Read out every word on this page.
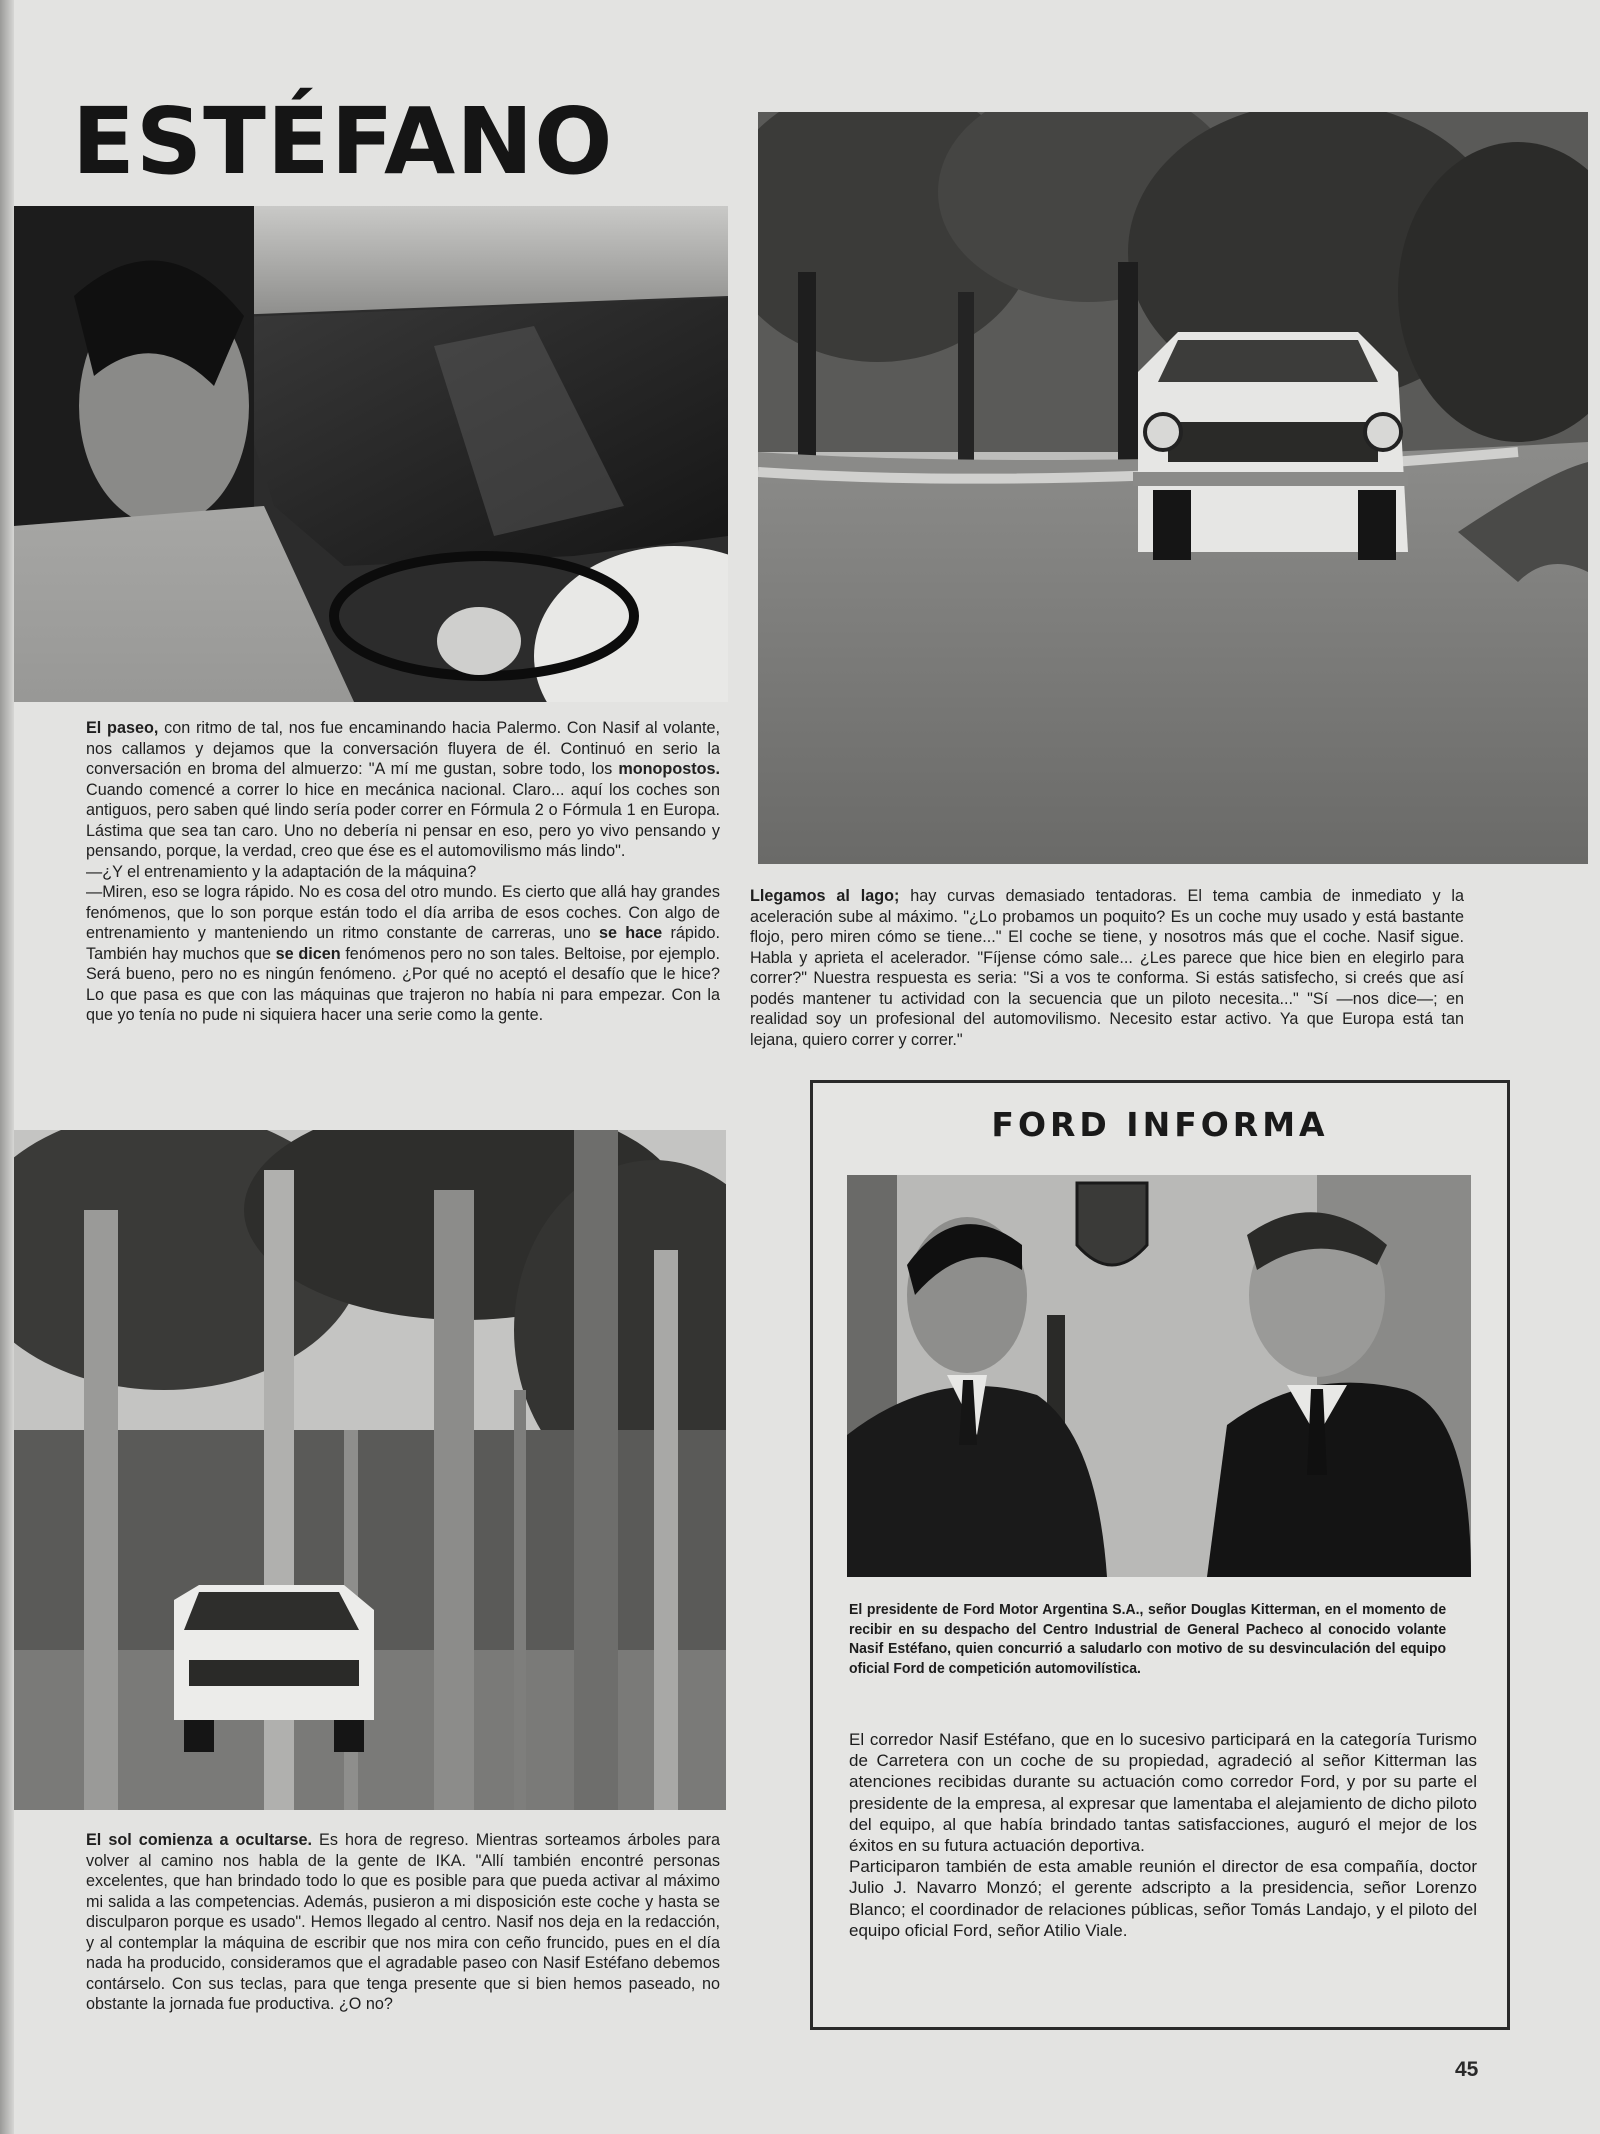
ESTÉFANO

El paseo, con ritmo de tal, nos fue encaminando hacia Palermo. Con Nasif al volante, nos callamos y dejamos que la conversación fluyera de él. Continuó en serio la conversación en broma del almuerzo: "A mí me gustan, sobre todo, los monopostos. Cuando comencé a correr lo hice en mecánica nacional. Claro... aquí los coches son antiguos, pero saben qué lindo sería poder correr en Fórmula 2 o Fórmula 1 en Europa. Lástima que sea tan caro. Uno no debería ni pensar en eso, pero yo vivo pensando y pensando, porque, la verdad, creo que ése es el automovilismo más lindo".

—¿Y el entrenamiento y la adaptación de la máquina?

—Miren, eso se logra rápido. No es cosa del otro mundo. Es cierto que allá hay grandes fenómenos, que lo son porque están todo el día arriba de esos coches. Con algo de entrenamiento y manteniendo un ritmo constante de carreras, uno se hace rápido. También hay muchos que se dicen fenómenos pero no son tales. Beltoise, por ejemplo. Será bueno, pero no es ningún fenómeno. ¿Por qué no aceptó el desafío que le hice? Lo que pasa es que con las máquinas que trajeron no había ni para empezar. Con la que yo tenía no pude ni siquiera hacer una serie como la gente.

Llegamos al lago; hay curvas demasiado tentadoras. El tema cambia de inmediato y la aceleración sube al máximo. "¿Lo probamos un poquito? Es un coche muy usado y está bastante flojo, pero miren cómo se tiene..." El coche se tiene, y nosotros más que el coche. Nasif sigue. Habla y aprieta el acelerador. "Fíjense cómo sale... ¿Les parece que hice bien en elegirlo para correr?" Nuestra respuesta es seria: "Si a vos te conforma. Si estás satisfecho, si creés que así podés mantener tu actividad con la secuencia que un piloto necesita..." "Sí —nos dice—; en realidad soy un profesional del automovilismo. Necesito estar activo. Ya que Europa está tan lejana, quiero correr y correr."

El sol comienza a ocultarse. Es hora de regreso. Mientras sorteamos árboles para volver al camino nos habla de la gente de IKA. "Allí también encontré personas excelentes, que han brindado todo lo que es posible para que pueda activar al máximo mi salida a las competencias. Además, pusieron a mi disposición este coche y hasta se disculparon porque es usado". Hemos llegado al centro. Nasif nos deja en la redacción, y al contemplar la máquina de escribir que nos mira con ceño fruncido, pues en el día nada ha producido, consideramos que el agradable paseo con Nasif Estéfano debemos contárselo. Con sus teclas, para que tenga presente que si bien hemos paseado, no obstante la jornada fue productiva. ¿O no?

FORD INFORMA
El presidente de Ford Motor Argentina S.A., señor Douglas Kitterman, en el momento de recibir en su despacho del Centro Industrial de General Pacheco al conocido volante Nasif Estéfano, quien concurrió a saludarlo con motivo de su desvinculación del equipo oficial Ford de competición automovilística.

El corredor Nasif Estéfano, que en lo sucesivo participará en la categoría Turismo de Carretera con un coche de su propiedad, agradeció al señor Kitterman las atenciones recibidas durante su actuación como corredor Ford, y por su parte el presidente de la empresa, al expresar que lamentaba el alejamiento de dicho piloto del equipo, al que había brindado tantas satisfacciones, auguró el mejor de los éxitos en su futura actuación deportiva.

Participaron también de esta amable reunión el director de esa compañía, doctor Julio J. Navarro Monzó; el gerente adscripto a la presidencia, señor Lorenzo Blanco; el coordinador de relaciones públicas, señor Tomás Landajo, y el piloto del equipo oficial Ford, señor Atilio Viale.

45
